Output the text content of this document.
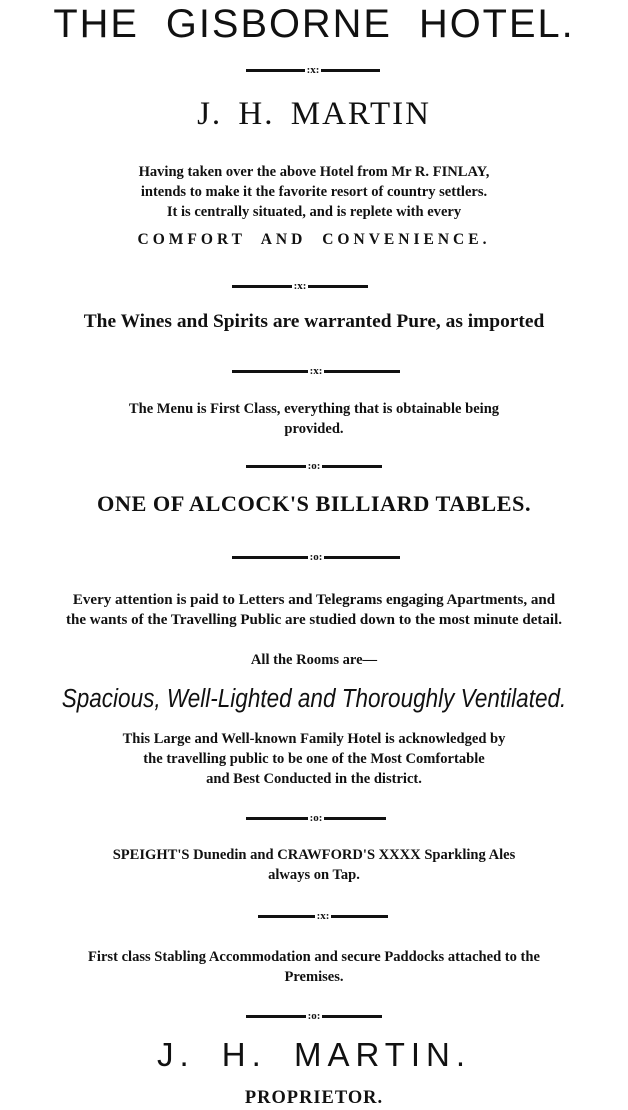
THE GISBORNE HOTEL.
:x:
J. H. MARTIN
Having taken over the above Hotel from Mr R. FINLAY,
intends to make it the favorite resort of country settlers.
It is centrally situated, and is replete with every
COMFORT AND CONVENIENCE.
:x:
The Wines and Spirits are warranted Pure, as imported
:x:
The Menu is First Class, everything that is obtainable being
provided.
:o:
ONE OF ALCOCK'S BILLIARD TABLES.
:o:
Every attention is paid to Letters and Telegrams engaging Apartments, and
the wants of the Travelling Public are studied down to the most minute detail.
All the Rooms are—
Spacious, Well-Lighted and Thoroughly Ventilated.
This Large and Well-known Family Hotel is acknowledged by
the travelling public to be one of the Most Comfortable
and Best Conducted in the district.
:o:
SPEIGHT'S Dunedin and CRAWFORD'S XXXX Sparkling Ales
always on Tap.
:x:
First class Stabling Accommodation and secure Paddocks attached to the
Premises.
:o:
J. H. MARTIN.
PROPRIETOR.
